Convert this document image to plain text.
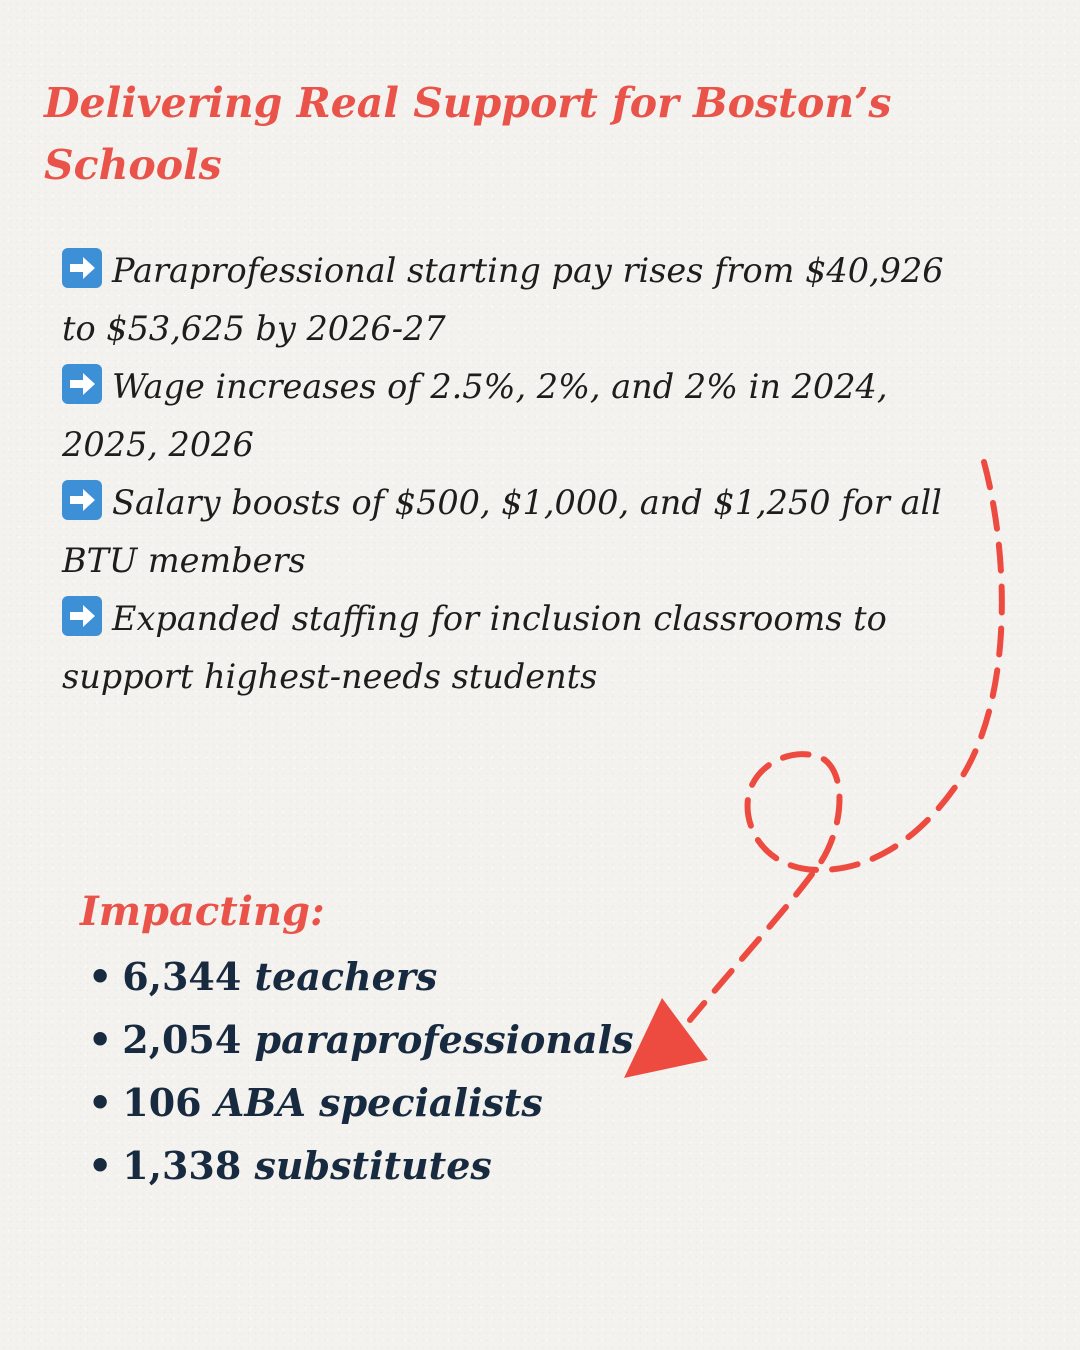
Delivering Real Support for Boston’s Schools

Paraprofessional starting pay rises from $40,926 to $53,625 by 2026-27

Wage increases of 2.5%, 2%, and 2% in 2024, 2025, 2026

Salary boosts of $500, $1,000, and $1,250 for all BTU members

Expanded staffing for inclusion classrooms to support highest-needs students

Impacting:
• 6,344 teachers
• 2,054 paraprofessionals
• 106 ABA specialists
• 1,338 substitutes
